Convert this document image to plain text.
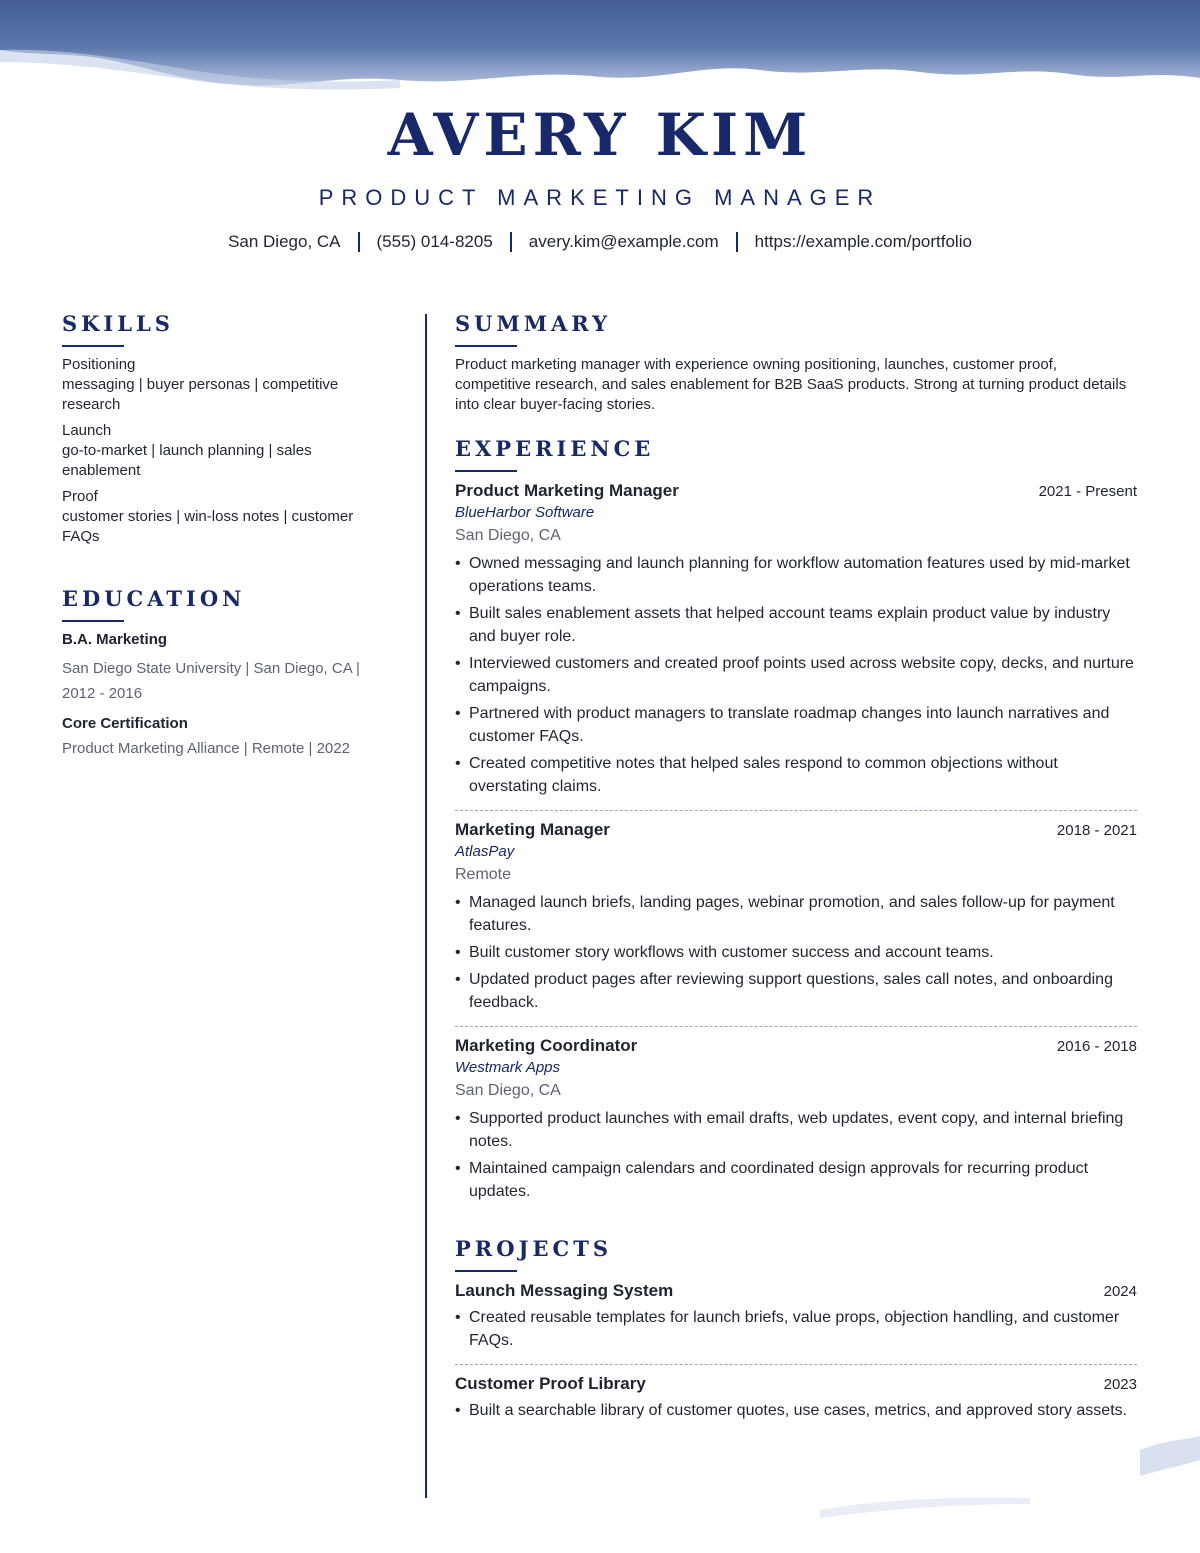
AVERY KIM
PRODUCT MARKETING MANAGER
San Diego, CA (555) 014-8205 avery.kim@example.com https://example.com/portfolio
SKILLS
Positioning
messaging | buyer personas | competitive research
Launch
go-to-market | launch planning | sales enablement
Proof
customer stories | win-loss notes | customer FAQs
EDUCATION
B.A. Marketing
San Diego State University | San Diego, CA | 2012 - 2016
Core Certification
Product Marketing Alliance | Remote | 2022
SUMMARY

Product marketing manager with experience owning positioning, launches, customer proof, competitive research, and sales enablement for B2B SaaS products. Strong at turning product details into clear buyer-facing stories.

EXPERIENCE
Product Marketing Manager	2021 - Present
BlueHarbor Software
San Diego, CA
• Owned messaging and launch planning for workflow automation features used by mid-market operations teams.
• Built sales enablement assets that helped account teams explain product value by industry and buyer role.
• Interviewed customers and created proof points used across website copy, decks, and nurture campaigns.
• Partnered with product managers to translate roadmap changes into launch narratives and customer FAQs.
• Created competitive notes that helped sales respond to common objections without overstating claims.
Marketing Manager	2018 - 2021
AtlasPay
Remote
• Managed launch briefs, landing pages, webinar promotion, and sales follow-up for payment features.
• Built customer story workflows with customer success and account teams.
• Updated product pages after reviewing support questions, sales call notes, and onboarding feedback.
Marketing Coordinator	2016 - 2018
Westmark Apps
San Diego, CA
• Supported product launches with email drafts, web updates, event copy, and internal briefing notes.
• Maintained campaign calendars and coordinated design approvals for recurring product updates.
PROJECTS
Launch Messaging System	2024
• Created reusable templates for launch briefs, value props, objection handling, and customer FAQs.
Customer Proof Library	2023
• Built a searchable library of customer quotes, use cases, metrics, and approved story assets.
